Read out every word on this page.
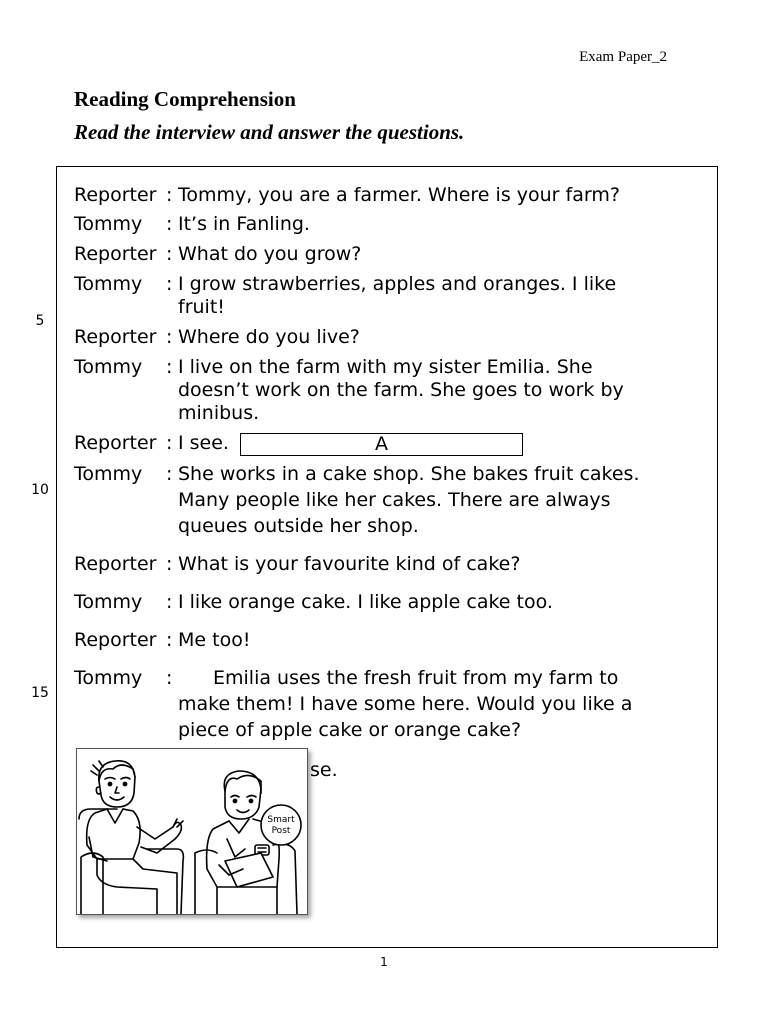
Exam Paper_2
Reading Comprehension
Read the interview and answer the questions.
5
10
15
Reporter : Tommy, you are a farmer. Where is your farm?
Tommy	: It’s in Fanling.
Reporter : What do you grow?
Tommy	: I grow strawberries, apples and oranges. I like
fruit!
Reporter : Where do you live?
Tommy	: I live on the farm with my sister Emilia. She
doesn’t work on the farm. She goes to work by
minibus.
Reporter : I see.
Tommy	: She works in a cake shop. She bakes fruit cakes.
Many people like her cakes. There are always
queues outside her shop.
Reporter : What is your favourite kind of cake?
Tommy	: I like orange cake. I like apple cake too.
Reporter : Me too!
Tommy	: Emilia uses the fresh fruit from my farm to
make them! I have some here. Would you like a
piece of apple cake or orange cake?
se.
A
Smart
Post
1
